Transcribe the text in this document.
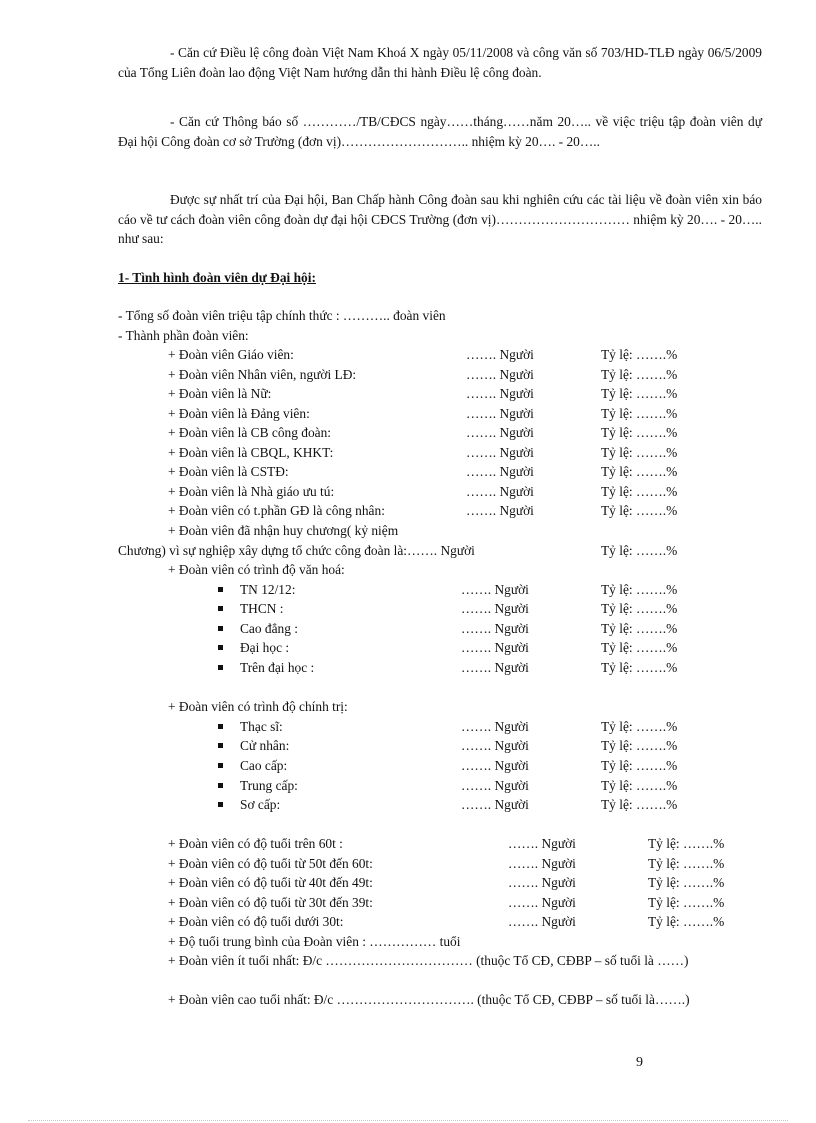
- Căn cứ Điều lệ công đoàn Việt Nam Khoá X ngày 05/11/2008 và công văn số 703/HD-TLĐ ngày 06/5/2009 của Tổng Liên đoàn lao động Việt Nam hướng dẫn thi hành Điều lệ công đoàn.
- Căn cứ Thông báo số …………/TB/CĐCS ngày……tháng……năm 20….. về việc triệu tập đoàn viên dự Đại hội Công đoàn cơ sở Trường (đơn vị)……………………….. nhiệm kỳ 20…. - 20…..
Được sự nhất trí của Đại hội, Ban Chấp hành Công đoàn sau khi nghiên cứu các tài liệu về đoàn viên xin báo cáo về tư cách đoàn viên công đoàn dự đại hội CĐCS Trường (đơn vị)………………………… nhiệm kỳ 20…. - 20….. như sau:
1- Tình hình đoàn viên dự Đại hội:
- Tổng số đoàn viên triệu tập chính thức : ……….. đoàn viên
- Thành phần đoàn viên:
+ Đoàn viên Giáo viên:	……. Người	Tỷ lệ: …….%
+ Đoàn viên Nhân viên, người LĐ:	……. Người	Tỷ lệ: …….%
+ Đoàn viên là Nữ:	……. Người	Tỷ lệ: …….%
+ Đoàn viên là Đảng viên:	……. Người	Tỷ lệ: …….%
+ Đoàn viên là CB công đoàn:	……. Người	Tỷ lệ: …….%
+ Đoàn viên là CBQL, KHKT:	……. Người	Tỷ lệ: …….%
+ Đoàn viên là CSTĐ:	……. Người	Tỷ lệ: …….%
+ Đoàn viên là Nhà giáo ưu tú:	……. Người	Tỷ lệ: …….%
+ Đoàn viên có t.phần GĐ là công nhân:	……. Người	Tỷ lệ: …….%
+ Đoàn viên đã nhận huy chương( kỷ niệm
Chương) vì sự nghiệp xây dựng tổ chức công đoàn là:……. Người	Tỷ lệ: …….%
+ Đoàn viên có trình độ văn hoá:
TN 12/12:	……. Người	Tỷ lệ: …….%
THCN :	……. Người	Tỷ lệ: …….%
Cao đẳng :	……. Người	Tỷ lệ: …….%
Đại học :	……. Người	Tỷ lệ: …….%
Trên đại học :	……. Người	Tỷ lệ: …….%
+ Đoàn viên có trình độ chính trị:
Thạc sĩ:	……. Người	Tỷ lệ: …….%
Cử nhân:	……. Người	Tỷ lệ: …….%
Cao cấp:	……. Người	Tỷ lệ: …….%
Trung cấp:	……. Người	Tỷ lệ: …….%
Sơ cấp:	……. Người	Tỷ lệ: …….%
+ Đoàn viên có độ tuổi trên 60t :	……. Người	Tỷ lệ: …….%
+ Đoàn viên có độ tuổi từ 50t đến 60t:	……. Người	Tỷ lệ: …….%
+ Đoàn viên có độ tuổi từ 40t đến 49t:	……. Người	Tỷ lệ: …….%
+ Đoàn viên có độ tuổi từ 30t đến 39t:	……. Người	Tỷ lệ: …….%
+ Đoàn viên có độ tuổi dưới 30t:	……. Người	Tỷ lệ: …….%
+ Độ tuổi trung bình của Đoàn viên : …………… tuổi
+ Đoàn viên ít tuổi nhất: Đ/c …………………………… (thuộc Tổ CĐ, CĐBP – số tuổi là ……)
+ Đoàn viên cao tuổi nhất: Đ/c …………………………. (thuộc Tổ CĐ, CĐBP – số tuổi là…….)
9
